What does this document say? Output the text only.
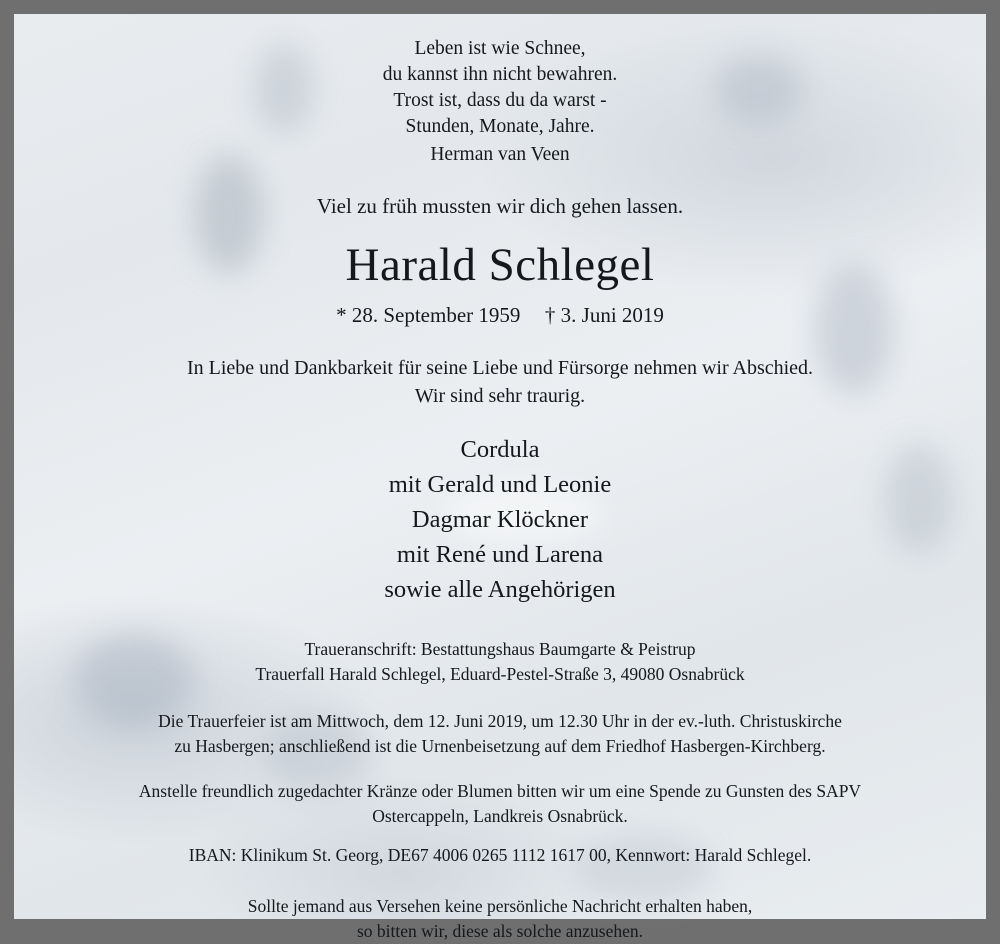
Leben ist wie Schnee,
du kannst ihn nicht bewahren.
Trost ist, dass du da warst -
Stunden, Monate, Jahre.
Herman van Veen
Viel zu früh mussten wir dich gehen lassen.
Harald Schlegel
* 28. September 1959 † 3. Juni 2019
In Liebe und Dankbarkeit für seine Liebe und Fürsorge nehmen wir Abschied.
Wir sind sehr traurig.
Cordula
mit Gerald und Leonie
Dagmar Klöckner
mit René und Larena
sowie alle Angehörigen
Traueranschrift: Bestattungshaus Baumgarte & Peistrup
Trauerfall Harald Schlegel, Eduard-Pestel-Straße 3, 49080 Osnabrück
Die Trauerfeier ist am Mittwoch, dem 12. Juni 2019, um 12.30 Uhr in der ev.-luth. Christuskirche
zu Hasbergen; anschließend ist die Urnenbeisetzung auf dem Friedhof Hasbergen-Kirchberg.
Anstelle freundlich zugedachter Kränze oder Blumen bitten wir um eine Spende zu Gunsten des SAPV
Ostercappeln, Landkreis Osnabrück.
IBAN: Klinikum St. Georg, DE67 4006 0265 1112 1617 00, Kennwort: Harald Schlegel.
Sollte jemand aus Versehen keine persönliche Nachricht erhalten haben,
so bitten wir, diese als solche anzusehen.
